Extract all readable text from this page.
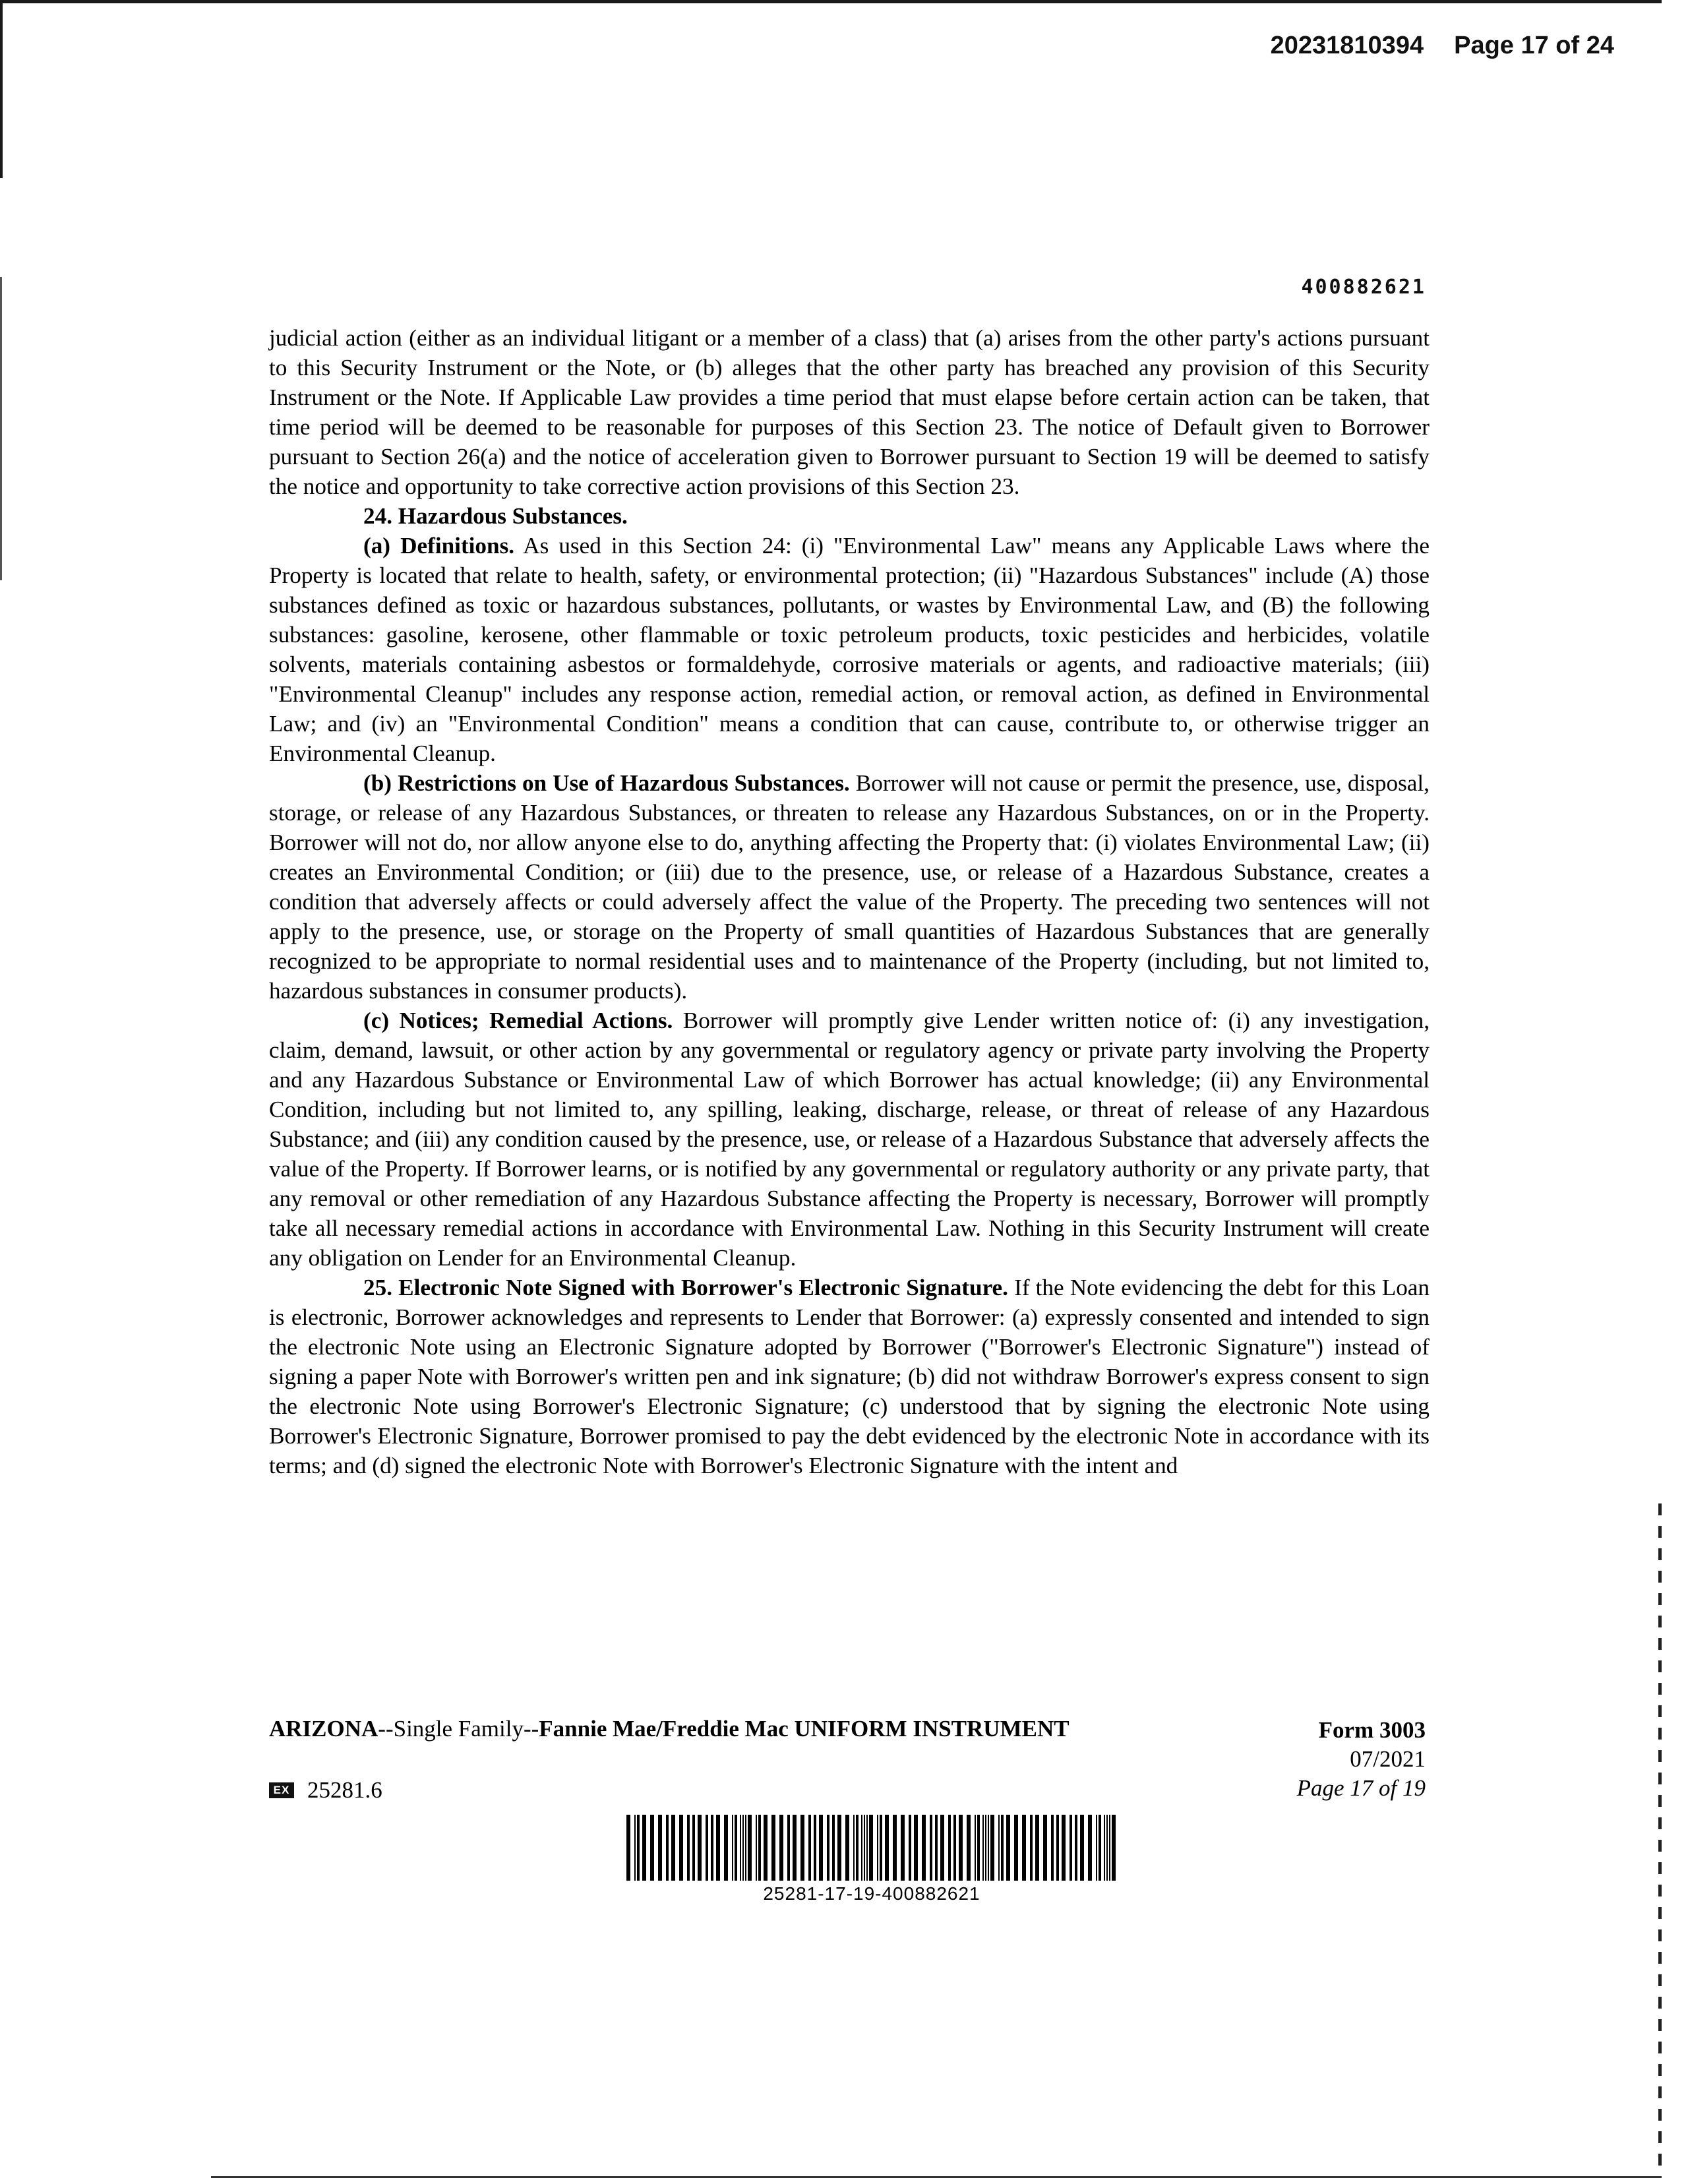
20231810394 Page 17 of 24
400882621

judicial action (either as an individual litigant or a member of a class) that (a) arises from the other party's actions pursuant to this Security Instrument or the Note, or (b) alleges that the other party has breached any provision of this Security Instrument or the Note. If Applicable Law provides a time period that must elapse before certain action can be taken, that time period will be deemed to be reasonable for purposes of this Section 23. The notice of Default given to Borrower pursuant to Section 26(a) and the notice of acceleration given to Borrower pursuant to Section 19 will be deemed to satisfy the notice and opportunity to take corrective action provisions of this Section 23.

24. Hazardous Substances.

(a) Definitions. As used in this Section 24: (i) "Environmental Law" means any Applicable Laws where the Property is located that relate to health, safety, or environmental protection; (ii) "Hazardous Substances" include (A) those substances defined as toxic or hazardous substances, pollutants, or wastes by Environmental Law, and (B) the following substances: gasoline, kerosene, other flammable or toxic petroleum products, toxic pesticides and herbicides, volatile solvents, materials containing asbestos or formaldehyde, corrosive materials or agents, and radioactive materials; (iii) "Environmental Cleanup" includes any response action, remedial action, or removal action, as defined in Environmental Law; and (iv) an "Environmental Condition" means a condition that can cause, contribute to, or otherwise trigger an Environmental Cleanup.

(b) Restrictions on Use of Hazardous Substances. Borrower will not cause or permit the presence, use, disposal, storage, or release of any Hazardous Substances, or threaten to release any Hazardous Substances, on or in the Property. Borrower will not do, nor allow anyone else to do, anything affecting the Property that: (i) violates Environmental Law; (ii) creates an Environmental Condition; or (iii) due to the presence, use, or release of a Hazardous Substance, creates a condition that adversely affects or could adversely affect the value of the Property. The preceding two sentences will not apply to the presence, use, or storage on the Property of small quantities of Hazardous Substances that are generally recognized to be appropriate to normal residential uses and to maintenance of the Property (including, but not limited to, hazardous substances in consumer products).

(c) Notices; Remedial Actions. Borrower will promptly give Lender written notice of: (i) any investigation, claim, demand, lawsuit, or other action by any governmental or regulatory agency or private party involving the Property and any Hazardous Substance or Environmental Law of which Borrower has actual knowledge; (ii) any Environmental Condition, including but not limited to, any spilling, leaking, discharge, release, or threat of release of any Hazardous Substance; and (iii) any condition caused by the presence, use, or release of a Hazardous Substance that adversely affects the value of the Property. If Borrower learns, or is notified by any governmental or regulatory authority or any private party, that any removal or other remediation of any Hazardous Substance affecting the Property is necessary, Borrower will promptly take all necessary remedial actions in accordance with Environmental Law. Nothing in this Security Instrument will create any obligation on Lender for an Environmental Cleanup.

25. Electronic Note Signed with Borrower's Electronic Signature. If the Note evidencing the debt for this Loan is electronic, Borrower acknowledges and represents to Lender that Borrower: (a) expressly consented and intended to sign the electronic Note using an Electronic Signature adopted by Borrower ("Borrower's Electronic Signature") instead of signing a paper Note with Borrower's written pen and ink signature; (b) did not withdraw Borrower's express consent to sign the electronic Note using Borrower's Electronic Signature; (c) understood that by signing the electronic Note using Borrower's Electronic Signature, Borrower promised to pay the debt evidenced by the electronic Note in accordance with its terms; and (d) signed the electronic Note with Borrower's Electronic Signature with the intent and

ARIZONA--Single Family--Fannie Mae/Freddie Mac UNIFORM INSTRUMENT	Form 3003
07/2021
Page 17 of 19
EX 25281.6
25281-17-19-400882621
